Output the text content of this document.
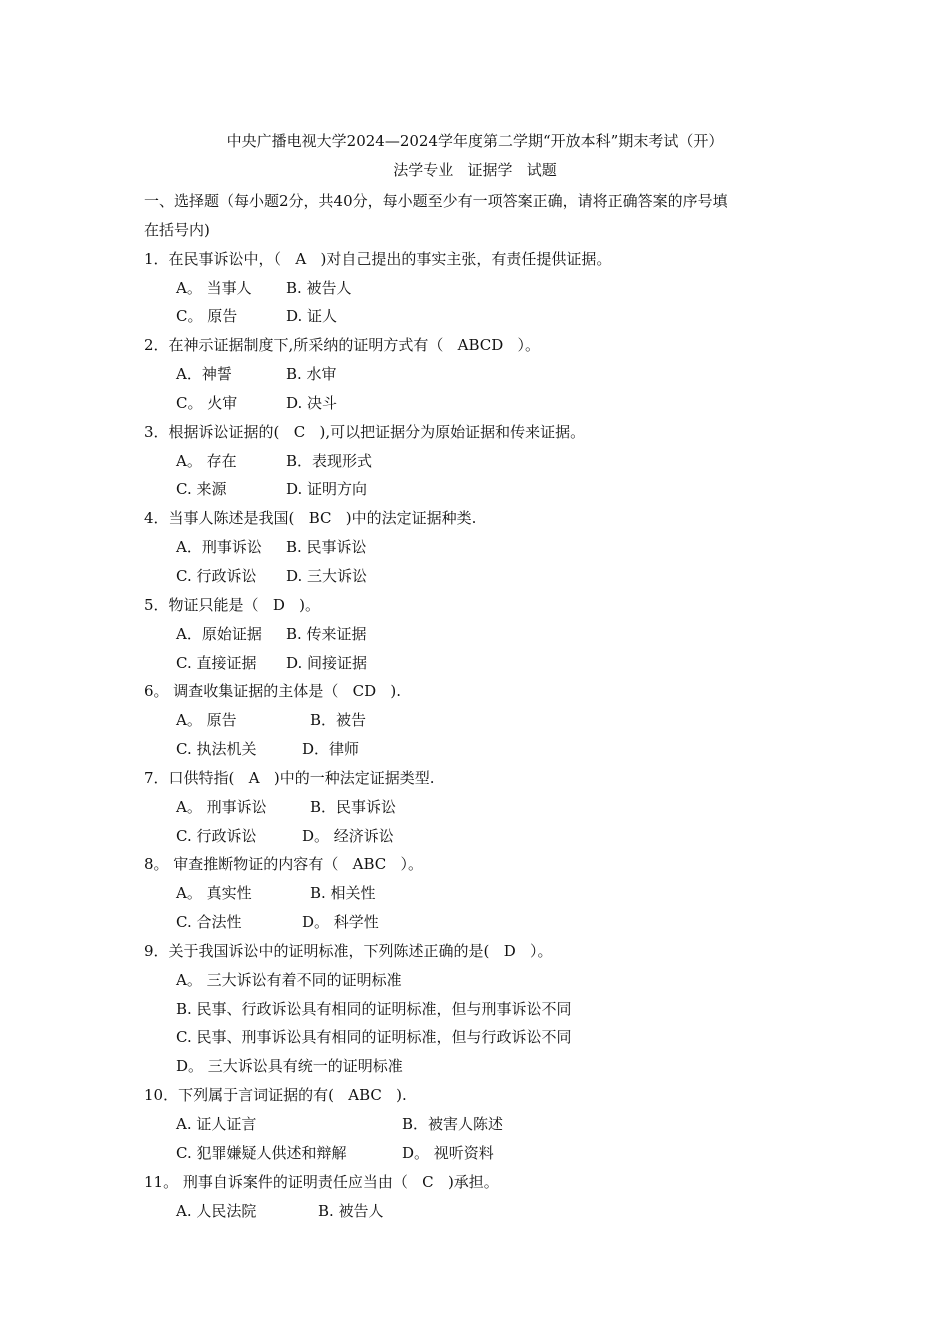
中央广播电视大学2024—2024学年度第二学期“开放本科”期末考试（开）
法学专业   证据学   试题
一、选择题（每小题2分，共40分，每小题至少有一项答案正确，请将正确答案的序号填
在括号内)
1．在民事诉讼中，（   A   )对自己提出的事实主张，有责任提供证据。
A。 当事人 B. 被告人
C。 原告	D. 证人
2．在神示证据制度下,所采纳的证明方式有（   ABCD   ）。
A．神誓	B. 水审
C。 火审	D. 决斗
3．根据诉讼证据的(   C   ),可以把证据分为原始证据和传来证据。
A。 存在	B．表现形式
C. 来源	D. 证明方向
4．当事人陈述是我国(   BC   )中的法定证据种类.
A．刑事诉讼 B. 民事诉讼
C. 行政诉讼 D. 三大诉讼
5．物证只能是（   D   )。
A．原始证据 B. 传来证据
C. 直接证据 D. 间接证据
6。 调查收集证据的主体是（   CD   ).
A。 原告	B．被告
C. 执法机关	D．律师
7．口供特指(   A   )中的一种法定证据类型.
A。 刑事诉讼	B．民事诉讼
C. 行政诉讼	D。 经济诉讼
8。 审查推断物证的内容有（   ABC   ）。
A。 真实性	B. 相关性
C. 合法性	D。 科学性
9．关于我国诉讼中的证明标准，下列陈述正确的是(   D   ）。
A。 三大诉讼有着不同的证明标准
B. 民事、行政诉讼具有相同的证明标准，但与刑事诉讼不同
C. 民事、刑事诉讼具有相同的证明标准，但与行政诉讼不同
D。 三大诉讼具有统一的证明标准
10．下列属于言词证据的有(   ABC   ).
A. 证人证言	B．被害人陈述
C. 犯罪嫌疑人供述和辩解	D。 视听资料
11。 刑事自诉案件的证明责任应当由（   C   )承担。
A. 人民法院	B. 被告人
